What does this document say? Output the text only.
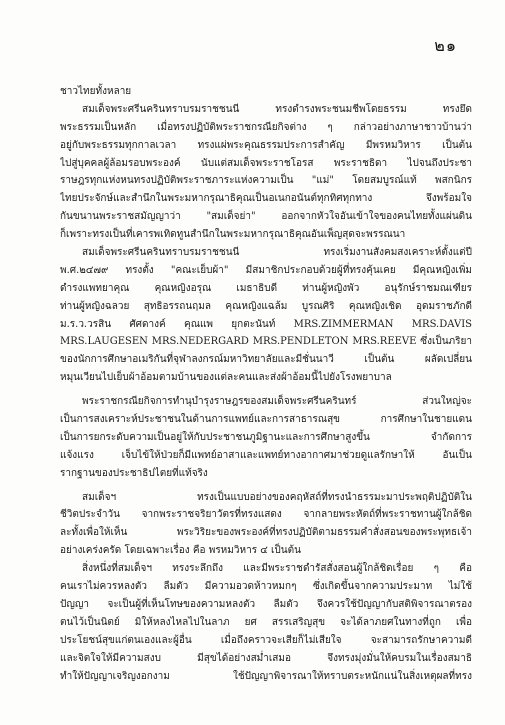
๒๑
ชาวไทยทั้งหลาย
สมเด็จพระศรีนครินทราบรมราชชนนี ทรงดำรงพระชนมชีพโดยธรรม ทรงยึด
พระธรรมเป็นหลัก เมื่อทรงปฏิบัติพระราชกรณียกิจต่าง ๆ กล่าวอย่างภาษาชาวบ้านว่า
อยู่กับพระธรรมทุกกาลเวลา ทรงแผ่พระคุณธรรมประการสำคัญ มีพรหมวิหาร เป็นต้น
ไปสู่บุคคลผู้ล้อมรอบพระองค์ นับแต่สมเด็จพระราชโอรส พระราชธิดา ไปจนถึงประชา
ราษฎรทุกแห่งหนทรงปฏิบัติพระราชภาระแห่งความเป็น "แม่" โดยสมบูรณ์แท้ พสกนิกร
ไทยประจักษ์และสำนึกในพระมหากรุณาธิคุณเป็นอเนกอนันต์ทุกทิศทุกทาง จึงพร้อมใจ
กันขนานพระราชสมัญญาว่า "สมเด็จย่า" ออกจากหัวใจอันเข้าใจของคนไทยทั้งแผ่นดิน
ก็เพราะทรงเป็นที่เคารพเทิดทูนสำนึกในพระมหากรุณาธิคุณอันเพ็ญสุดจะพรรณนา
สมเด็จพระศรีนครินทราบรมราชชนนี ทรงเริ่มงานสังคมสงเคราะห์ตั้งแต่ปี
พ.ศ.๒๔๗๙ ทรงตั้ง "คณะเย็บผ้า" มีสมาชิกประกอบด้วยผู้ที่ทรงคุ้นเคย มีคุณหญิงเพิ่ม
ดำรงแพทยาคุณ คุณหญิงอรุณ เมธาธิบดี ท่านผู้หญิงพัว อนุรักษ์ราชมณเฑียร
ท่านผู้หญิงฉลวย สุทธิอรรถนฤมล คุณหญิงแฉล้ม บูรณศิริ คุณหญิงเชิด อุดมราชภักดี
ม.ร.ว.วรสิน ศัศดางค์ คุณแพ ยุกตะนันท์ MRS.ZIMMERMAN MRS.DAVIS
MRS.LAUGESEN MRS.NEDERGARD MRS.PENDLETON MRS.REEVE ซึ่งเป็นภริยา
ของนักการศึกษาอเมริกันที่จุฬาลงกรณ์มหาวิทยาลัยและมีชั่นนาวี เป็นต้น ผลัดเปลี่ยน
หมุนเวียนไปเย็บผ้าอ้อมตามบ้านของแต่ละคนและส่งผ้าอ้อมนี้ไปยังโรงพยาบาล
พระราชกรณียกิจการทำนุบำรุงราษฎรของสมเด็จพระศรีนครินทร์ ส่วนใหญ่จะ
เป็นการสงเคราะห์ประชาชนในด้านการแพทย์และการสาธารณสุข การศึกษาในชายแดน
เป็นการยกระดับความเป็นอยู่ให้กับประชาชนภูมิฐานะและการศึกษาสูงขึ้น จำกัดการ
แจ้งแรง เจ็บไข้ให้ป่วยก็มีแพทย์อาสาและแพทย์ทางอากาศมาช่วยดูแลรักษาให้ อันเป็น
รากฐานของประชาธิปไตยที่แท้จริง
สมเด็จฯ ทรงเป็นแบบอย่างของคฤหัสถ์ที่ทรงนำธรรมะมาประพฤติปฏิบัติใน
ชีวิตประจำวัน จากพระราชจริยาวัตรที่ทรงแสดง จากลายพระหัตถ์ที่พระราชทานผู้ใกล้ชิด
ละทั้งเพื่อให้เห็น พระวิริยะของพระองค์ที่ทรงปฏิบัติตามธรรมคำสั่งสอนของพระพุทธเจ้า
อย่างเคร่งครัด โดยเฉพาะเรื่อง คือ พรหมวิหาร ๔ เป็นต้น
สิ่งหนึ่งที่สมเด็จฯ ทรงระลึกถึง และมีพระราชดำรัสสั่งสอนผู้ใกล้ชิดเรื่อย ๆ คือ
คนเราไม่ควรหลงตัว ลืมตัว มีความอวดห้าวหมกๆ ซึ่งเกิดขึ้นจากความประมาท ไม่ใช้
ปัญญา จะเป็นผู้ที่เห็นโทษของความหลงตัว ลืมตัว จึงควรใช้ปัญญากับสติพิจารณาตรอง
ตนไว้เป็นนิตย์ มิให้หลงไหลไปในลาภ ยศ สรรเสริญสุข จะได้ลาภยศในทางที่ถูก เพื่อ
ประโยชน์สุขแก่ตนเองและผู้อื่น เมื่อถึงคราวจะเสียก็ไม่เสียใจ จะสามารถรักษาความดี
และจิตใจให้มีความสงบ มีสุขได้อย่างสม่ำเสมอ จึงทรงมุ่งมั่นให้คบรมในเรื่องสมาธิ
ทำให้ปัญญาเจริญงอกงาม ใช้ปัญญาพิจารณาให้ทราบตระหนักแน่ในสิ่งเหตุผลที่ทรง
